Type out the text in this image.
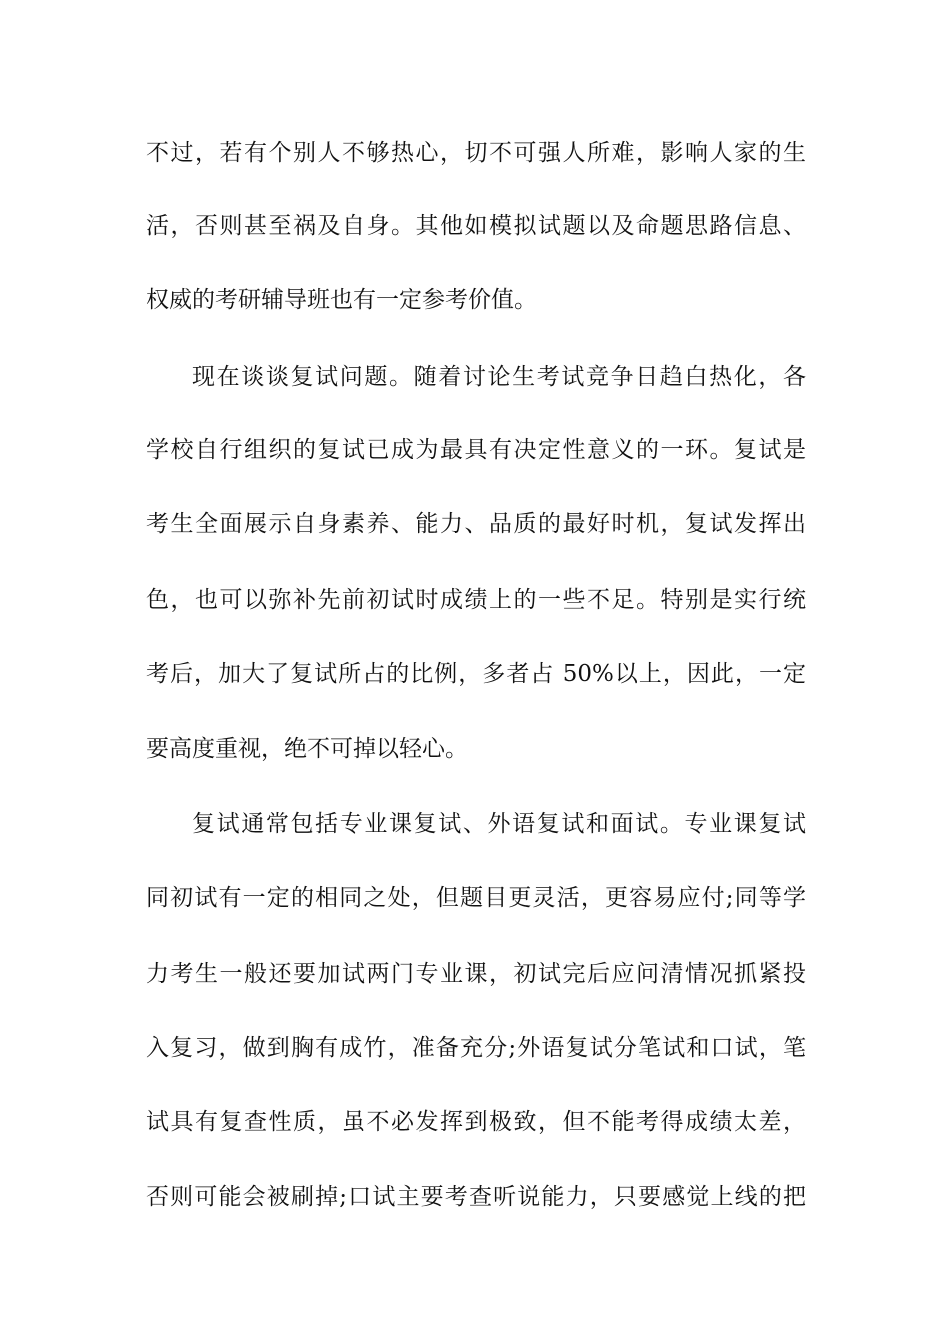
不过，若有个别人不够热心，切不可强人所难，影响人家的生
活，否则甚至祸及自身。其他如模拟试题以及命题思路信息、
权威的考研辅导班也有一定参考价值。
现在谈谈复试问题。随着讨论生考试竞争日趋白热化，各
学校自行组织的复试已成为最具有决定性意义的一环。复试是
考生全面展示自身素养、能力、品质的最好时机，复试发挥出
色，也可以弥补先前初试时成绩上的一些不足。特别是实行统
考后，加大了复试所占的比例，多者占 50%以上，因此，一定
要高度重视，绝不可掉以轻心。
复试通常包括专业课复试、外语复试和面试。专业课复试
同初试有一定的相同之处，但题目更灵活，更容易应付;同等学
力考生一般还要加试两门专业课，初试完后应问清情况抓紧投
入复习，做到胸有成竹，准备充分;外语复试分笔试和口试，笔
试具有复查性质，虽不必发挥到极致，但不能考得成绩太差，
否则可能会被刷掉;口试主要考查听说能力，只要感觉上线的把
